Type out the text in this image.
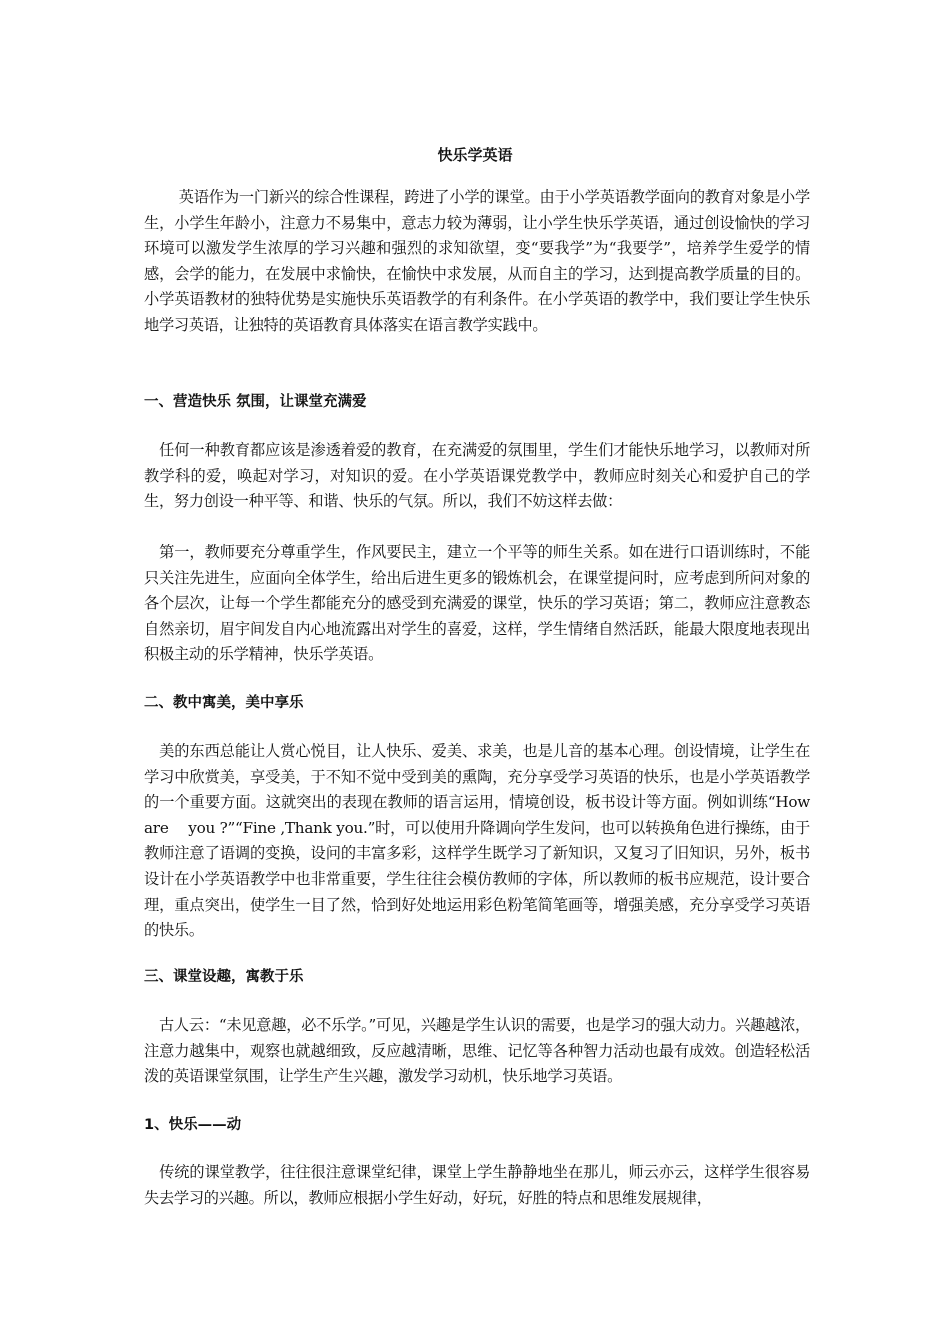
快乐学英语
　　 英语作为一门新兴的综合性课程，跨进了小学的课堂。由于小学英语教学面向的教育对象是小学生，小学生年龄小，注意力不易集中，意志力较为薄弱，让小学生快乐学英语，通过创设愉快的学习环境可以激发学生浓厚的学习兴趣和强烈的求知欲望，变“要我学”为“我要学”，培养学生爱学的情感，会学的能力，在发展中求愉快，在愉快中求发展，从而自主的学习，达到提高教学质量的目的。小学英语教材的独特优势是实施快乐英语教学的有利条件。在小学英语的教学中，我们要让学生快乐地学习英语，让独特的英语教育具体落实在语言教学实践中。
一、营造快乐 氛围，让课堂充满爱
　任何一种教育都应该是渗透着爱的教育，在充满爱的氛围里，学生们才能快乐地学习，以教师对所教学科的爱，唤起对学习，对知识的爱。在小学英语课党教学中，教师应时刻关心和爱护自己的学生，努力创设一种平等、和谐、快乐的气氛。所以，我们不妨这样去做：
　第一，教师要充分尊重学生，作风要民主，建立一个平等的师生关系。如在进行口语训练时，不能只关注先进生，应面向全体学生，给出后进生更多的锻炼机会，在课堂提问时，应考虑到所问对象的各个层次，让每一个学生都能充分的感受到充满爱的课堂，快乐的学习英语；第二，教师应注意教态自然亲切，眉宇间发自内心地流露出对学生的喜爱，这样，学生情绪自然活跃，能最大限度地表现出积极主动的乐学精神，快乐学英语。
二、教中寓美，美中享乐
　美的东西总能让人赏心悦目，让人快乐、爱美、求美，也是儿音的基本心理。创设情境，让学生在学习中欣赏美，享受美，于不知不觉中受到美的熏陶，充分享受学习英语的快乐，也是小学英语教学的一个重要方面。这就突出的表现在教师的语言运用，情境创设，板书设计等方面。例如训练“How　 are　 you ?”“Fine ,Thank you.”时，可以使用升降调向学生发问，也可以转换角色进行操练，由于教师注意了语调的变换，设问的丰富多彩，这样学生既学习了新知识，又复习了旧知识，另外，板书设计在小学英语教学中也非常重要，学生往往会模仿教师的字体，所以教师的板书应规范，设计要合理，重点突出，使学生一目了然，恰到好处地运用彩色粉笔简笔画等，增强美感，充分享受学习英语的快乐。
三、课堂设趣，寓教于乐
　古人云：“未见意趣，必不乐学。”可见，兴趣是学生认识的需要，也是学习的强大动力。兴趣越浓，注意力越集中，观察也就越细致，反应越清晰，思维、记忆等各种智力活动也最有成效。创造轻松活泼的英语课堂氛围，让学生产生兴趣，激发学习动机，快乐地学习英语。
1、快乐——动
　传统的课堂教学，往往很注意课堂纪律，课堂上学生静静地坐在那儿，师云亦云，这样学生很容易失去学习的兴趣。所以，教师应根据小学生好动，好玩，好胜的特点和思维发展规律，
